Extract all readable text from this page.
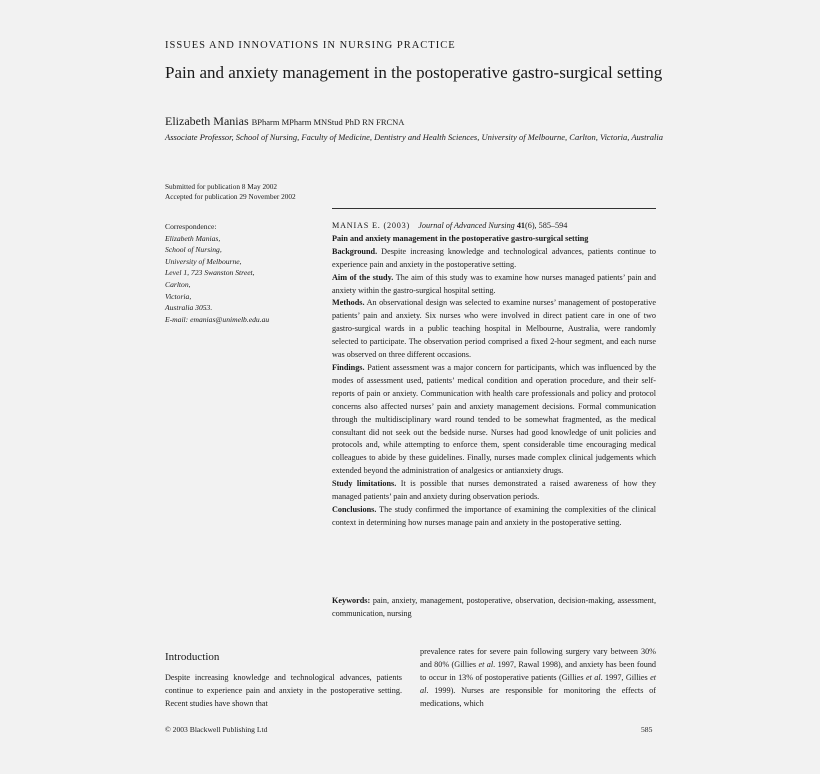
ISSUES AND INNOVATIONS IN NURSING PRACTICE
Pain and anxiety management in the postoperative gastro-surgical setting
Elizabeth Manias BPharm MPharm MNStud PhD RN FRCNA
Associate Professor, School of Nursing, Faculty of Medicine, Dentistry and Health Sciences, University of Melbourne, Carlton, Victoria, Australia
Submitted for publication 8 May 2002
Accepted for publication 29 November 2002
Correspondence:
Elizabeth Manias,
School of Nursing,
University of Melbourne,
Level 1, 723 Swanston Street,
Carlton,
Victoria,
Australia 3053.
E-mail: emanias@unimelb.edu.au

MANIAS E. (2003) Journal of Advanced Nursing 41(6), 585–594

Pain and anxiety management in the postoperative gastro-surgical setting

Background. Despite increasing knowledge and technological advances, patients continue to experience pain and anxiety in the postoperative setting.

Aim of the study. The aim of this study was to examine how nurses managed patients’ pain and anxiety within the gastro-surgical hospital setting.

Methods. An observational design was selected to examine nurses’ management of postoperative patients’ pain and anxiety. Six nurses who were involved in direct patient care in one of two gastro-surgical wards in a public teaching hospital in Melbourne, Australia, were randomly selected to participate. The observation period comprised a fixed 2-hour segment, and each nurse was observed on three different occasions.

Findings. Patient assessment was a major concern for participants, which was influenced by the modes of assessment used, patients’ medical condition and operation procedure, and their self-reports of pain or anxiety. Communication with health care professionals and policy and protocol concerns also affected nurses’ pain and anxiety management decisions. Formal communication through the multidisciplinary ward round tended to be somewhat fragmented, as the medical consultant did not seek out the bedside nurse. Nurses had good knowledge of unit policies and protocols and, while attempting to enforce them, spent considerable time encouraging medical colleagues to abide by these guidelines. Finally, nurses made complex clinical judgements which extended beyond the administration of analgesics or antianxiety drugs.

Study limitations. It is possible that nurses demonstrated a raised awareness of how they managed patients’ pain and anxiety during observation periods.

Conclusions. The study confirmed the importance of examining the complexities of the clinical context in determining how nurses manage pain and anxiety in the postoperative setting.

Keywords: pain, anxiety, management, postoperative, observation, decision-making, assessment, communication, nursing
Introduction
Despite increasing knowledge and technological advances, patients continue to experience pain and anxiety in the postoperative setting. Recent studies have shown that
prevalence rates for severe pain following surgery vary between 30% and 80% (Gillies et al. 1997, Rawal 1998), and anxiety has been found to occur in 13% of postoperative patients (Gillies et al. 1997, Gillies et al. 1999). Nurses are responsible for monitoring the effects of medications, which
© 2003 Blackwell Publishing Ltd	585
